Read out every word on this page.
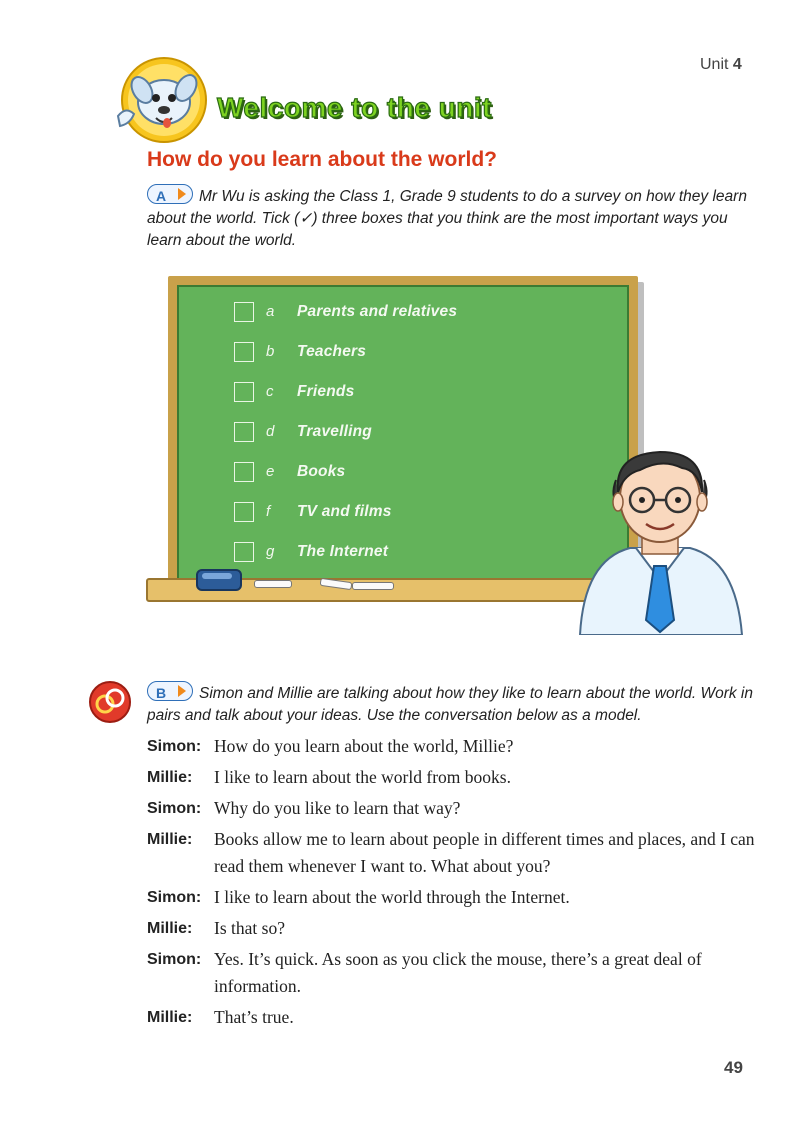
Unit 4
Welcome to the unit
How do you learn about the world?
A Mr Wu is asking the Class 1, Grade 9 students to do a survey on how they learn about the world. Tick (✓) three boxes that you think are the most important ways you learn about the world.
a Parents and relatives
b Teachers
c Friends
d Travelling
e Books
f TV and films
g The Internet
B Simon and Millie are talking about how they like to learn about the world. Work in pairs and talk about your ideas. Use the conversation below as a model.
Simon: How do you learn about the world, Millie?
Millie: I like to learn about the world from books.
Simon: Why do you like to learn that way?
Millie: Books allow me to learn about people in different times and places, and I can read them whenever I want to. What about you?
Simon: I like to learn about the world through the Internet.
Millie: Is that so?
Simon: Yes. It’s quick. As soon as you click the mouse, there’s a great deal of information.
Millie: That’s true.
49
